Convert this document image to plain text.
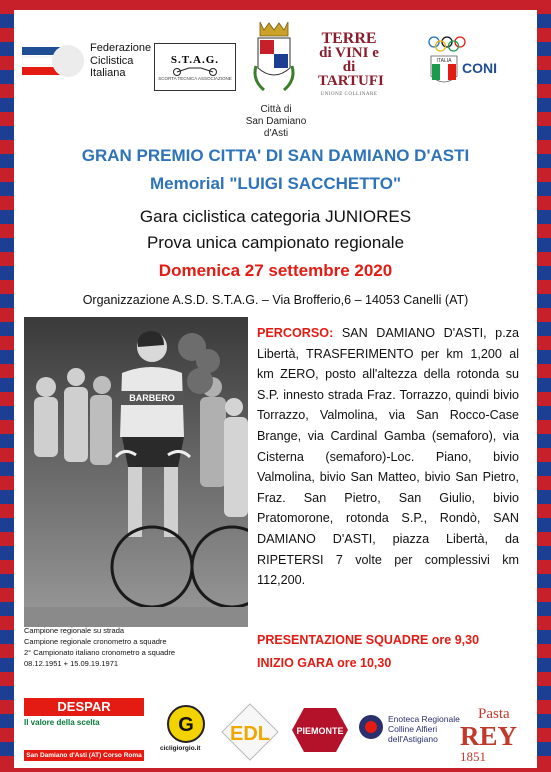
Federazione
Ciclistica
Italiana
S.T.A.G.
SCORTA TECNICA ASSOCIAZIONE
Città di
San Damiano d'Asti
TERRE
di VINI e di TARTUFI
UNIONE COLLINARE
ITALIA CONI
GRAN PREMIO CITTA' DI SAN DAMIANO D'ASTI
Memorial "LUIGI SACCHETTO"
Gara ciclistica categoria JUNIORES
Prova unica campionato regionale
Domenica 27 settembre 2020
Organizzazione A.S.D. S.T.A.G. – Via Brofferio,6 – 14053 Canelli (AT)
BARBERO
Campione regionale su strada
Campione regionale cronometro a squadre
2° Campionato italiano cronometro a squadre
08.12.1951 + 15.09.19.1971
PERCORSO: SAN DAMIANO D'ASTI, p.za Libertà, TRASFERIMENTO per km 1,200 al km ZERO, posto all'altezza della rotonda su S.P. innesto strada Fraz. Torrazzo, quindi bivio Torrazzo, Valmolina, via San Rocco-Case Brange, via Cardinal Gamba (semaforo), via Cisterna (semaforo)-Loc. Piano, bivio Valmolina, bivio San Matteo, bivio San Pietro, Fraz. San Pietro, San Giulio, bivio Pratomorone, rotonda S.P., Rondò, SAN DAMIANO D'ASTI, piazza Libertà, da RIPETERSI 7 volte per complessivi km 112,200.
PRESENTAZIONE SQUADRE ore 9,30
INIZIO GARA ore 10,30
DESPAR
Il valore della scelta
San Damiano d'Asti (AT) Corso Roma 36/b
G
cicligiorgio.it
EDL	PIEMONTE
Enoteca Regionale
Colline Alfieri
dell'Astigiano
Pasta
REY
1851
